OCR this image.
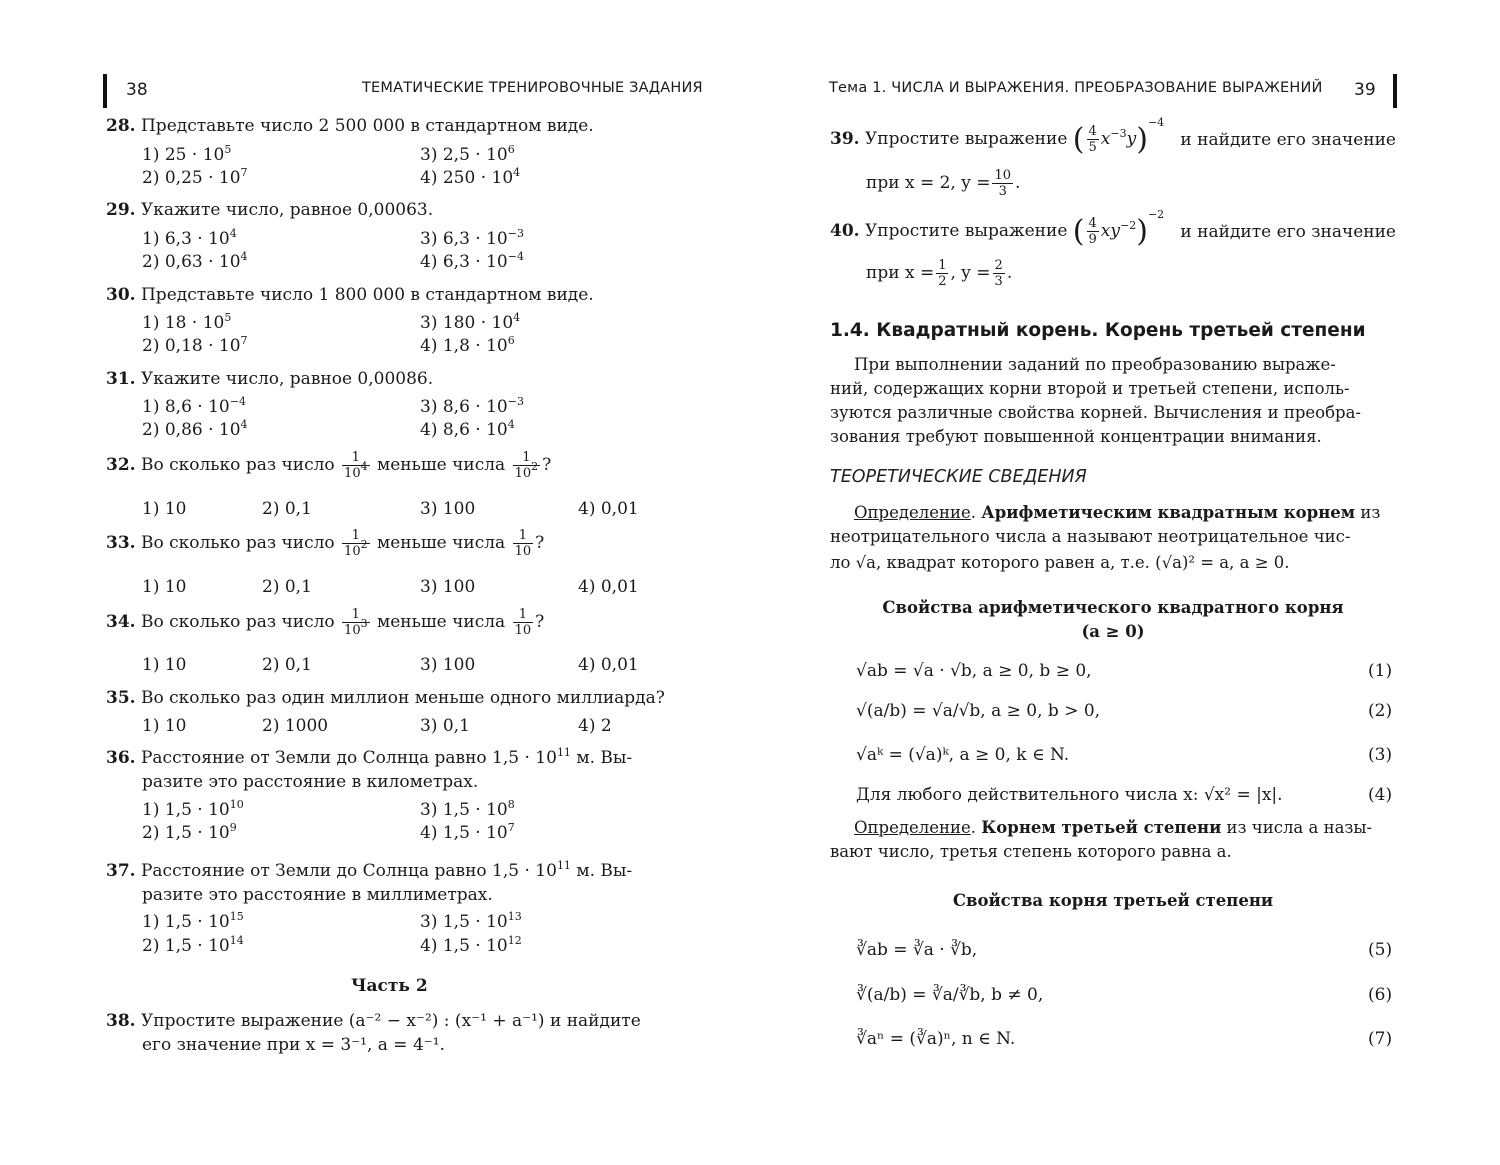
38	ТЕМАТИЧЕСКИЕ ТРЕНИРОВОЧНЫЕ ЗАДАНИЯ
28. Представьте число 2 500 000 в стандартном виде.
1) $25 \cdot 10^5$
2) $0,25 \cdot 10^7$
3) $2,5 \cdot 10^6$
4) $250 \cdot 10^4$
29. Укажите число, равное 0,00063.
1) $6,3 \cdot 10^4$
2) $0,63 \cdot 10^4$
3) $6,3 \cdot 10^{-3}$
4) $6,3 \cdot 10^{-4}$
30. Представьте число 1 800 000 в стандартном виде.
1) $18 \cdot 10^5$
2) $0,18 \cdot 10^7$
3) $180 \cdot 10^4$
4) $1,8 \cdot 10^6$
31. Укажите число, равное 0,00086.
1) $8,6 \cdot 10^{-4}$
2) $0,86 \cdot 10^4$
3) $8,6 \cdot 10^{-3}$
4) $8,6 \cdot 10^4$
32. Во сколько раз число $\frac{1}{10^4}$ меньше числа $\frac{1}{10^2}$ ?
1) 10	2) 0,1	3) 100	4) 0,01
33. Во сколько раз число $\frac{1}{10^2}$ меньше числа $\frac{1}{10}$ ?
1) 10	2) 0,1	3) 100	4) 0,01
34. Во сколько раз число $\frac{1}{10^3}$ меньше числа $\frac{1}{10}$ ?
1) 10	2) 0,1	3) 100	4) 0,01
35. Во сколько раз один миллион меньше одного миллиарда?
1) 10	2) 1000	3) 0,1	4) 2
36. Расстояние от Земли до Солнца равно $1,5 \cdot 10^{11}$ м. Вы-
разите это расстояние в километрах.
1) $1,5 \cdot 10^{10}$
2) $1,5 \cdot 10^9$
3) $1,5 \cdot 10^8$
4) $1,5 \cdot 10^7$
37. Расстояние от Земли до Солнца равно $1,5 \cdot 10^{11}$ м. Вы-
разите это расстояние в миллиметрах.
1) $1,5 \cdot 10^{15}$
2) $1,5 \cdot 10^{14}$
3) $1,5 \cdot 10^{13}$
4) $1,5 \cdot 10^{12}$
Часть 2
38. Упростите выражение (a⁻² − x⁻²) : (x⁻¹ + a⁻¹) и найдите
его значение при x = 3⁻¹, a = 4⁻¹.
Тема 1. ЧИСЛА И ВЫРАЖЕНИЯ. ПРЕОБРАЗОВАНИЕ ВЫРАЖЕНИЙ 39
39. Упростите выражение ( $\frac{4}{5} x^{-3}y)^{-4}$
и найдите его значение
при x = 2, $y = \frac{10}{3}$ .
40. Упростите выражение ( $\frac{4}{9} xy^{-2})^{-2}$
и найдите его значение
при $x = \frac{1}{2}$ , $y = \frac{2}{3}$ .
1.4. Квадратный корень. Корень третьей степени
При выполнении заданий по преобразованию выраже-
ний, содержащих корни второй и третьей степени, исполь-
зуются различные свойства корней. Вычисления и преобра-
зования требуют повышенной концентрации внимания.
ТЕОРЕТИЧЕСКИЕ СВЕДЕНИЯ
Определение. Арифметическим квадратным корнем из
неотрицательного числа a называют неотрицательное чис-
ло √a, квадрат которого равен a, т.е. (√a)² = a, a ≥ 0.
Свойства арифметического квадратного корня
(a ≥ 0)
√ab = √a · √b, a ≥ 0, b ≥ 0,	(1)
√(a/b) = √a/√b, a ≥ 0, b > 0,	(2)
√aᵏ = (√a)ᵏ, a ≥ 0, k ∈ N.	(3)
Для любого действительного числа x: √x² = |x|.	(4)
Определение. Корнем третьей степени из числа a назы-
вают число, третья степень которого равна a.
Свойства корня третьей степени
∛ab = ∛a · ∛b,	(5)
∛(a/b) = ∛a/∛b, b ≠ 0,	(6)
∛aⁿ = (∛a)ⁿ, n ∈ N.	(7)
